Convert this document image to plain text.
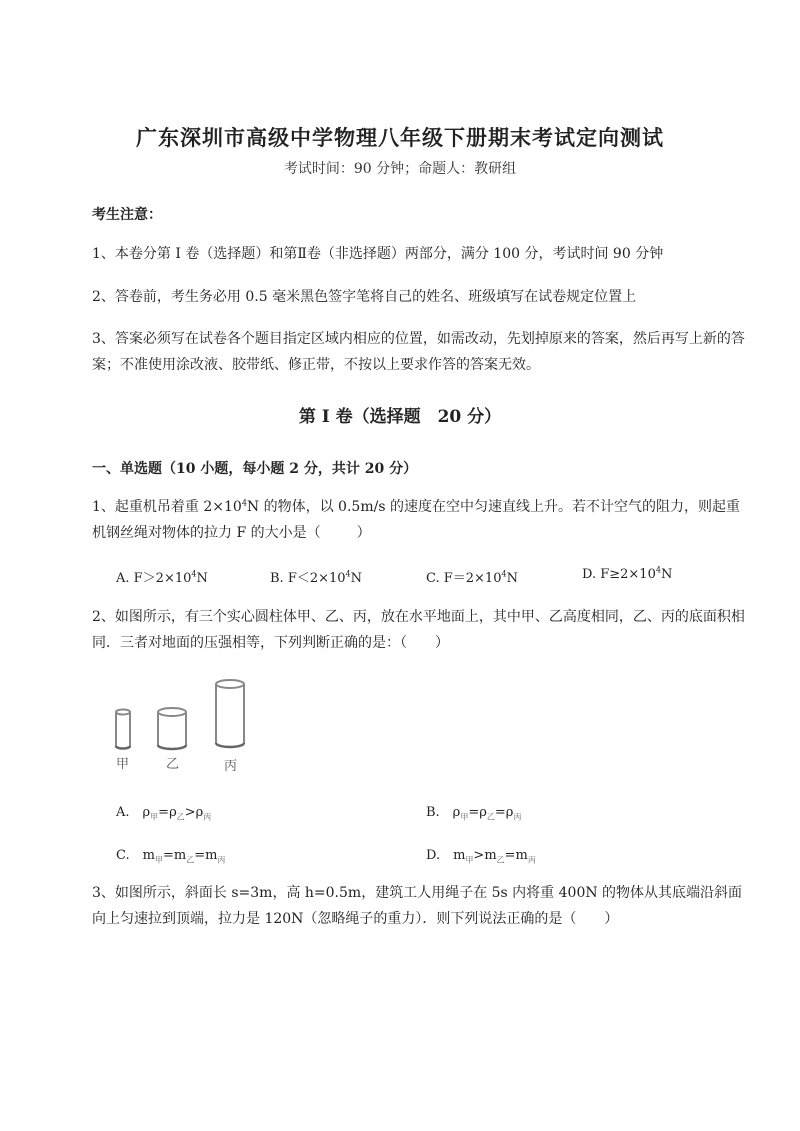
广东深圳市高级中学物理八年级下册期末考试定向测试
考试时间：90 分钟；命题人：教研组
考生注意：
1、本卷分第 I 卷（选择题）和第Ⅱ卷（非选择题）两部分，满分 100 分，考试时间 90 分钟
2、答卷前，考生务必用 0.5 毫米黑色签字笔将自己的姓名、班级填写在试卷规定位置上
3、答案必须写在试卷各个题目指定区域内相应的位置，如需改动，先划掉原来的答案，然后再写上新的答案；不准使用涂改液、胶带纸、修正带，不按以上要求作答的答案无效。
第 I 卷（选择题　20 分）
一、单选题（10 小题，每小题 2 分，共计 20 分）
1、起重机吊着重 $2\times 10^4N$ 的物体，以 0.5m/s 的速度在空中匀速直线上升。若不计空气的阻力，则起重机钢丝绳对物体的拉力 F 的大小是（	）
A. $F>2\times 10^4N$	B. $F<2\times 10^4N$	C. $F=2\times 10^4N$	D. $F\ge 2\times 10^4N$
2、如图所示，有三个实心圆柱体甲、乙、丙，放在水平地面上，其中甲、乙高度相同，乙、丙的底面积相同．三者对地面的压强相等，下列判断正确的是：（　　）
甲	乙	丙
A.　$\rho_甲=\rho_乙>\rho_丙$	B.　$\rho_甲=\rho_乙=\rho_丙$
C.　$m_甲=m_乙=m_丙$	D.　$m_甲>m_乙=m_丙$
3、如图所示，斜面长 s=3m，高 h=0.5m，建筑工人用绳子在 5s 内将重 400N 的物体从其底端沿斜面向上匀速拉到顶端，拉力是 120N（忽略绳子的重力）．则下列说法正确的是（　　）
